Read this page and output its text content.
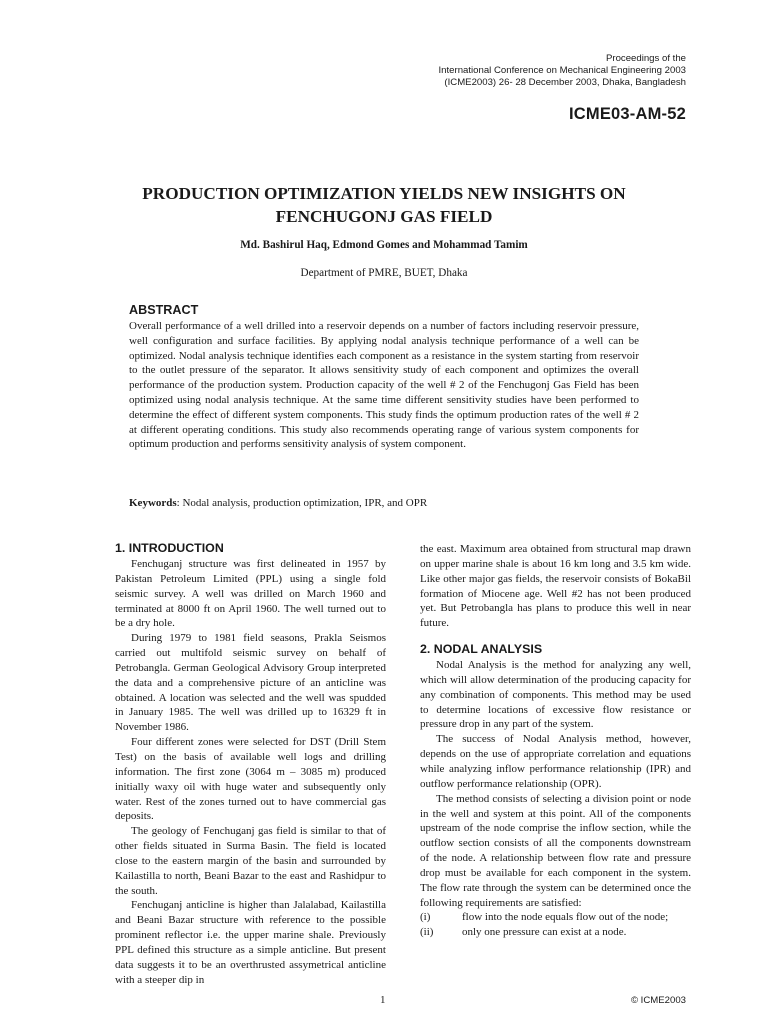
Proceedings of the
International Conference on Mechanical Engineering 2003
(ICME2003) 26- 28 December 2003, Dhaka, Bangladesh
ICME03-AM-52
PRODUCTION OPTIMIZATION YIELDS NEW INSIGHTS ON
FENCHUGONJ GAS FIELD
Md. Bashirul Haq, Edmond Gomes and Mohammad Tamim
Department of PMRE, BUET, Dhaka
ABSTRACT

Overall performance of a well drilled into a reservoir depends on a number of factors including reservoir pressure, well configuration and surface facilities. By applying nodal analysis technique performance of a well can be optimized. Nodal analysis technique identifies each component as a resistance in the system starting from reservoir to the outlet pressure of the separator. It allows sensitivity study of each component and optimizes the overall performance of the production system. Production capacity of the well # 2 of the Fenchugonj Gas Field has been optimized using nodal analysis technique. At the same time different sensitivity studies have been performed to determine the effect of different system components. This study finds the optimum production rates of the well # 2 at different operating conditions. This study also recommends operating range of various system components for optimum production and performs sensitivity analysis of system component.

Keywords: Nodal analysis, production optimization, IPR, and OPR

1. INTRODUCTION

Fenchuganj structure was first delineated in 1957 by Pakistan Petroleum Limited (PPL) using a single fold seismic survey. A well was drilled on March 1960 and terminated at 8000 ft on April 1960. The well turned out to be a dry hole.

During 1979 to 1981 field seasons, Prakla Seismos carried out multifold seismic survey on behalf of Petrobangla. German Geological Advisory Group interpreted the data and a comprehensive picture of an anticline was obtained. A location was selected and the well was spudded in January 1985. The well was drilled up to 16329 ft in November 1986.

Four different zones were selected for DST (Drill Stem Test) on the basis of available well logs and drilling information. The first zone (3064 m – 3085 m) produced initially waxy oil with huge water and subsequently only water. Rest of the zones turned out to have commercial gas deposits.

The geology of Fenchuganj gas field is similar to that of other fields situated in Surma Basin. The field is located close to the eastern margin of the basin and surrounded by Kailastilla to north, Beani Bazar to the east and Rashidpur to the south.

Fenchuganj anticline is higher than Jalalabad, Kailastilla and Beani Bazar structure with reference to the possible prominent reflector i.e. the upper marine shale. Previously PPL defined this structure as a simple anticline. But present data suggests it to be an overthrusted assymetrical anticline with a steeper dip in

the east. Maximum area obtained from structural map drawn on upper marine shale is about 16 km long and 3.5 km wide. Like other major gas fields, the reservoir consists of BokaBil formation of Miocene age. Well #2 has not been produced yet. But Petrobangla has plans to produce this well in near future.

2. NODAL ANALYSIS

Nodal Analysis is the method for analyzing any well, which will allow determination of the producing capacity for any combination of components. This method may be used to determine locations of excessive flow resistance or pressure drop in any part of the system.

The success of Nodal Analysis method, however, depends on the use of appropriate correlation and equations while analyzing inflow performance relationship (IPR) and outflow performance relationship (OPR).

The method consists of selecting a division point or node in the well and system at this point. All of the components upstream of the node comprise the inflow section, while the outflow section consists of all the components downstream of the node. A relationship between flow rate and pressure drop must be available for each component in the system. The flow rate through the system can be determined once the following requirements are satisfied:

(i)	flow into the node equals flow out of the node;
(ii)	only one pressure can exist at a node.
1	© ICME2003
